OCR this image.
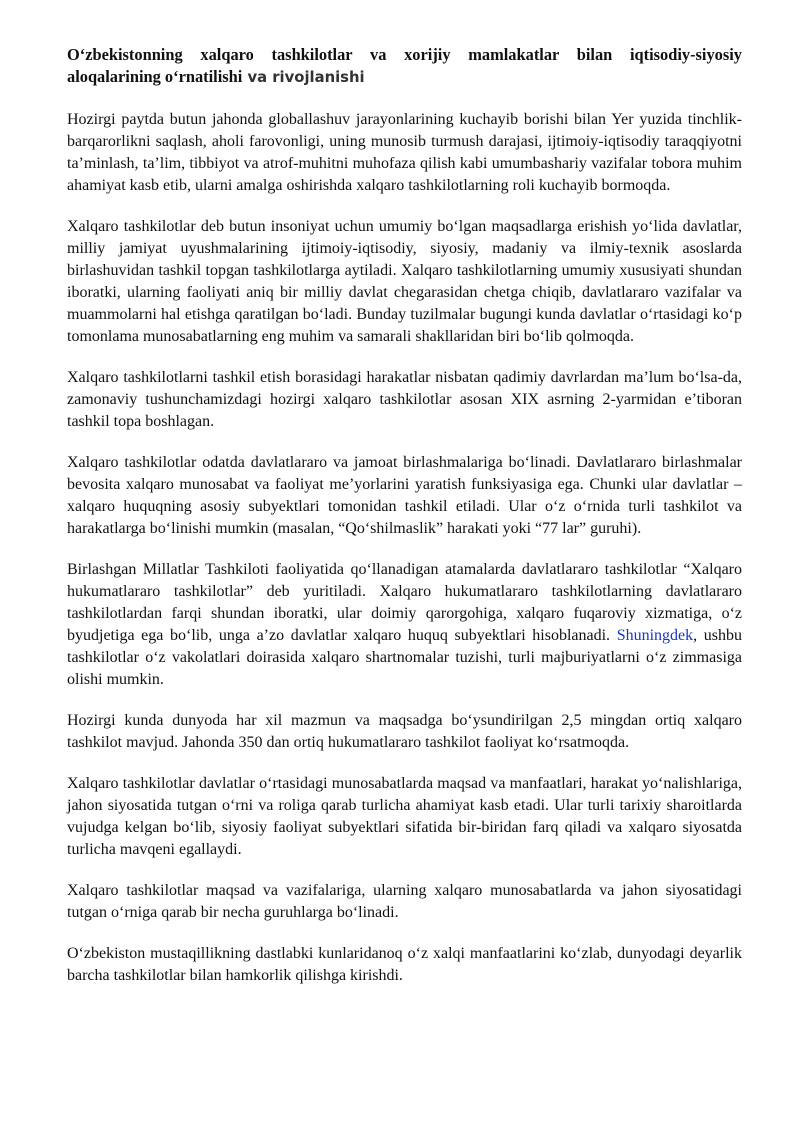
O‘zbekistonning xalqaro tashkilotlar va xorijiy mamlakatlar bilan iqtisodiy-siyosiy aloqalarining o‘rnatilishi va rivojlanishi

Hozirgi paytda butun jahonda globallashuv jarayonlarining kuchayib borishi bilan Yer yuzida tinchlik-barqarorlikni saqlash, aholi farovonligi, uning munosib turmush darajasi, ijtimoiy-iqtisodiy taraqqiyotni ta’minlash, ta’lim, tibbiyot va atrof-muhitni muhofaza qilish kabi umumbashariy vazifalar tobora muhim ahamiyat kasb etib, ularni amalga oshirishda xalqaro tashkilotlarning roli kuchayib bormoqda.

Xalqaro tashkilotlar deb butun insoniyat uchun umumiy bo‘lgan maqsadlarga erishish yo‘lida davlatlar, milliy jamiyat uyushmalarining ijtimoiy-iqtisodiy, siyosiy, madaniy va ilmiy-texnik asoslarda birlashuvidan tashkil topgan tashkilotlarga aytiladi. Xalqaro tashkilotlarning umumiy xususiyati shundan iboratki, ularning faoliyati aniq bir milliy davlat chegarasidan chetga chiqib, davlatlararo vazifalar va muammolarni hal etishga qaratilgan bo‘ladi. Bunday tuzilmalar bugungi kunda davlatlar o‘rtasidagi ko‘p tomonlama munosabatlarning eng muhim va samarali shakllaridan biri bo‘lib qolmoqda.

Xalqaro tashkilotlarni tashkil etish borasidagi harakatlar nisbatan qadimiy davrlardan ma’lum bo‘lsa-da, zamonaviy tushunchamizdagi hozirgi xalqaro tashkilotlar asosan XIX asrning 2-yarmidan e’tiboran tashkil topa boshlagan.

Xalqaro tashkilotlar odatda davlatlararo va jamoat birlashmalariga bo‘linadi. Davlatlararo birlashmalar bevosita xalqaro munosabat va faoliyat me’yorlarini yaratish funksiyasiga ega. Chunki ular davlatlar – xalqaro huquqning asosiy subyektlari tomonidan tashkil etiladi. Ular o‘z o‘rnida turli tashkilot va harakatlarga bo‘linishi mumkin (masalan, “Qo‘shilmaslik” harakati yoki “77 lar” guruhi).

Birlashgan Millatlar Tashkiloti faoliyatida qo‘llanadigan atamalarda davlatlararo tashkilotlar “Xalqaro hukumatlararo tashkilotlar” deb yuritiladi. Xalqaro hukumatlararo tashkilotlarning davlatlararo tashkilotlardan farqi shundan iboratki, ular doimiy qarorgohiga, xalqaro fuqaroviy xizmatiga, o‘z byudjetiga ega bo‘lib, unga a’zo davlatlar xalqaro huquq subyektlari hisoblanadi. Shuningdek, ushbu tashkilotlar o‘z vakolatlari doirasida xalqaro shartnomalar tuzishi, turli majburiyatlarni o‘z zimmasiga olishi mumkin.

Hozirgi kunda dunyoda har xil mazmun va maqsadga bo‘ysundirilgan 2,5 mingdan ortiq xalqaro tashkilot mavjud. Jahonda 350 dan ortiq hukumatlararo tashkilot faoliyat ko‘rsatmoqda.

Xalqaro tashkilotlar davlatlar o‘rtasidagi munosabatlarda maqsad va manfaatlari, harakat yo‘nalishlariga, jahon siyosatida tutgan o‘rni va roliga qarab turlicha ahamiyat kasb etadi. Ular turli tarixiy sharoitlarda vujudga kelgan bo‘lib, siyosiy faoliyat subyektlari sifatida bir-biridan farq qiladi va xalqaro siyosatda turlicha mavqeni egallaydi.

Xalqaro tashkilotlar maqsad va vazifalariga, ularning xalqaro munosabatlarda va jahon siyosatidagi tutgan o‘rniga qarab bir necha guruhlarga bo‘linadi.

O‘zbekiston mustaqillikning dastlabki kunlaridanoq o‘z xalqi manfaatlarini ko‘zlab, dunyodagi deyarlik barcha tashkilotlar bilan hamkorlik qilishga kirishdi.
